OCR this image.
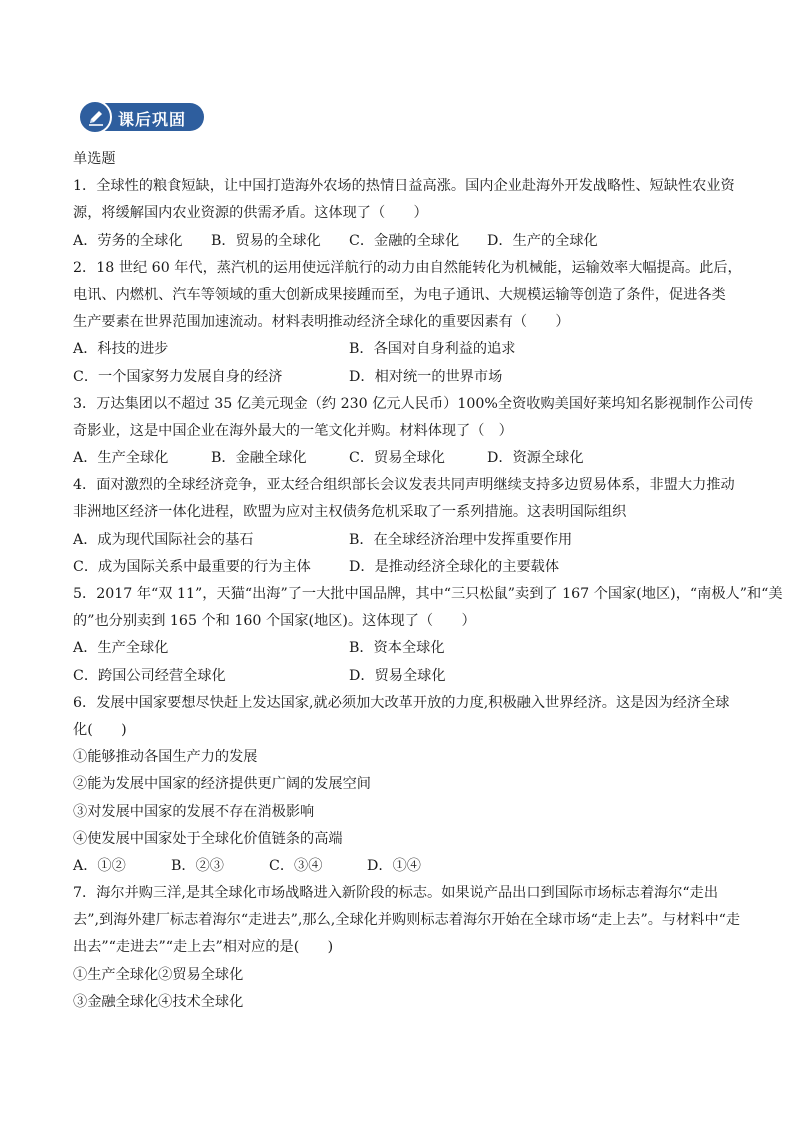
课后巩固
单选题
1．全球性的粮食短缺，让中国打造海外农场的热情日益高涨。国内企业赴海外开发战略性、短缺性农业资
源，将缓解国内农业资源的供需矛盾。这体现了（　　）
A．劳务的全球化	B．贸易的全球化	C．金融的全球化	D．生产的全球化
2．18 世纪 60 年代，蒸汽机的运用使远洋航行的动力由自然能转化为机械能，运输效率大幅提高。此后，
电讯、内燃机、汽车等领域的重大创新成果接踵而至，为电子通讯、大规模运输等创造了条件，促进各类
生产要素在世界范围加速流动。材料表明推动经济全球化的重要因素有（　　）
A．科技的进步	B．各国对自身利益的追求
C．一个国家努力发展自身的经济	D．相对统一的世界市场
3．万达集团以不超过 35 亿美元现金（约 230 亿元人民币）100%全资收购美国好莱坞知名影视制作公司传
奇影业，这是中国企业在海外最大的一笔文化并购。材料体现了（　）
A．生产全球化	B．金融全球化	C．贸易全球化	D．资源全球化
4．面对激烈的全球经济竞争，亚太经合组织部长会议发表共同声明继续支持多边贸易体系，非盟大力推动
非洲地区经济一体化进程，欧盟为应对主权债务危机采取了一系列措施。这表明国际组织
A．成为现代国际社会的基石	B．在全球经济治理中发挥重要作用
C．成为国际关系中最重要的行为主体	D．是推动经济全球化的主要载体
5．2017 年“双 11”，天猫“出海”了一大批中国品牌，其中“三只松鼠”卖到了 167 个国家(地区)，“南极人”和“美
的”也分别卖到 165 个和 160 个国家(地区)。这体现了（　　）
A．生产全球化	B．资本全球化
C．跨国公司经营全球化	D．贸易全球化
6．发展中国家要想尽快赶上发达国家,就必须加大改革开放的力度,积极融入世界经济。这是因为经济全球
化(　　)
①能够推动各国生产力的发展
②能为发展中国家的经济提供更广阔的发展空间
③对发展中国家的发展不存在消极影响
④使发展中国家处于全球化价值链条的高端
A．①②	B．②③	C．③④	D．①④
7．海尔并购三洋,是其全球化市场战略进入新阶段的标志。如果说产品出口到国际市场标志着海尔“走出
去”,到海外建厂标志着海尔“走进去”,那么,全球化并购则标志着海尔开始在全球市场“走上去”。与材料中“走
出去”“走进去”“走上去”相对应的是(　　)
①生产全球化②贸易全球化
③金融全球化④技术全球化
